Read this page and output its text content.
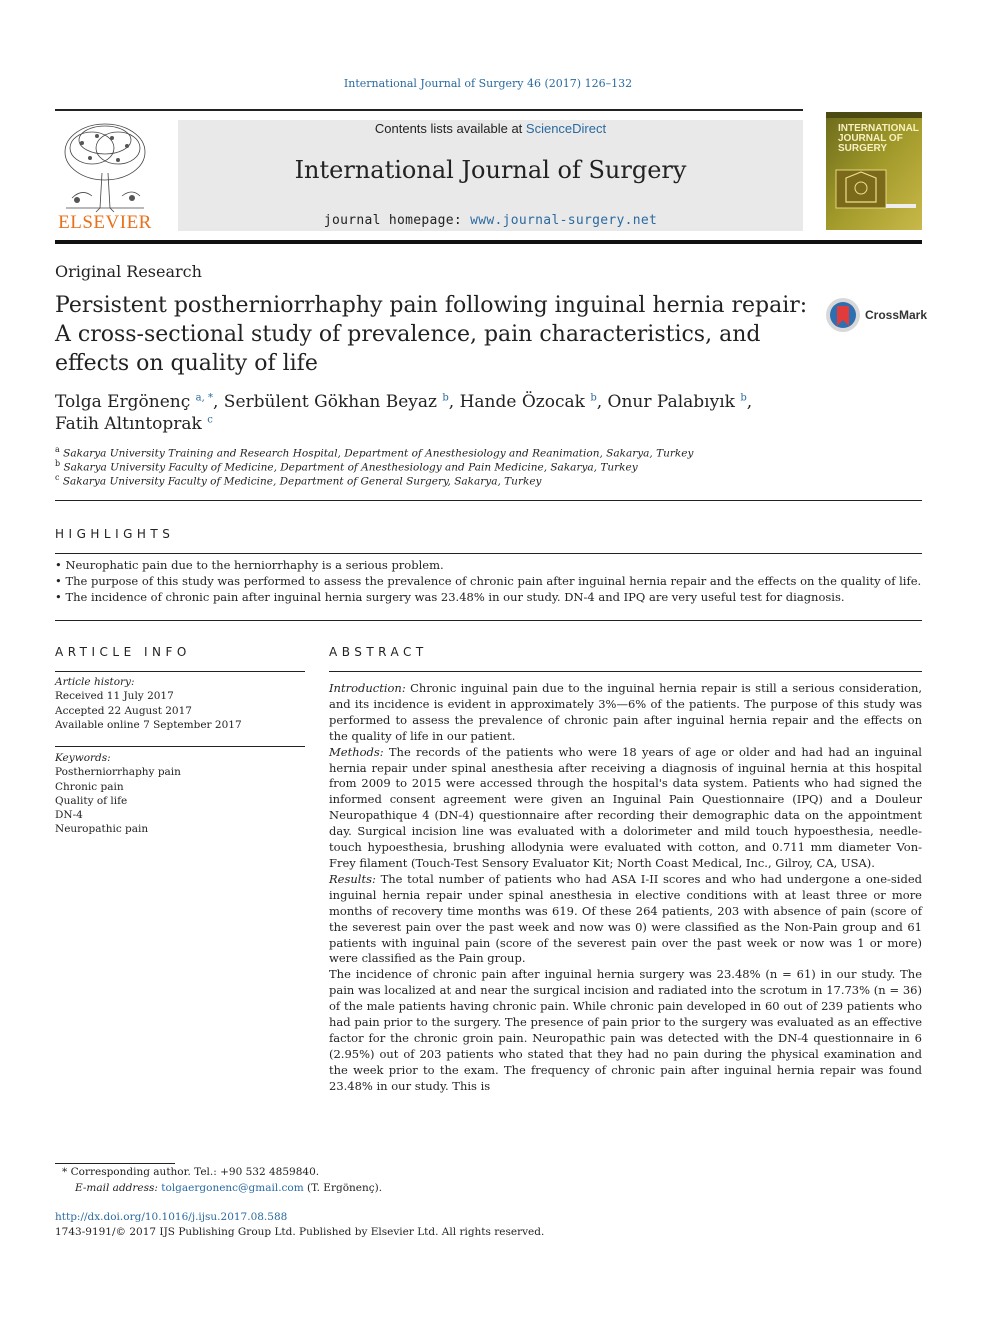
International Journal of Surgery 46 (2017) 126–132
ELSEVIER
Contents lists available at ScienceDirect
International Journal of Surgery
journal homepage: www.journal-surgery.net
INTERNATIONAL JOURNAL OF SURGERY
Original Research
Persistent postherniorrhaphy pain following inguinal hernia repair: A cross-sectional study of prevalence, pain characteristics, and effects on quality of life
CrossMark
Tolga Ergönenç $^{a, *}$, Serbülent Gökhan Beyaz $^b$, Hande Özocak $^b$, Onur Palabıyık $^b$,
Fatih Altıntoprak $^c$
$^a$ Sakarya University Training and Research Hospital, Department of Anesthesiology and Reanimation, Sakarya, Turkey
$^b$ Sakarya University Faculty of Medicine, Department of Anesthesiology and Pain Medicine, Sakarya, Turkey
$^c$ Sakarya University Faculty of Medicine, Department of General Surgery, Sakarya, Turkey
HIGHLIGHTS
• Neurophatic pain due to the herniorrhaphy is a serious problem.
• The purpose of this study was performed to assess the prevalence of chronic pain after inguinal hernia repair and the effects on the quality of life.
• The incidence of chronic pain after inguinal hernia surgery was 23.48% in our study. DN-4 and IPQ are very useful test for diagnosis.
ARTICLE INFO
Article history:
Received 11 July 2017
Accepted 22 August 2017
Available online 7 September 2017
Keywords:
Postherniorrhaphy pain
Chronic pain
Quality of life
DN-4
Neuropathic pain
ABSTRACT

Introduction: Chronic inguinal pain due to the inguinal hernia repair is still a serious consideration, and its incidence is evident in approximately 3%—6% of the patients. The purpose of this study was performed to assess the prevalence of chronic pain after inguinal hernia repair and the effects on the quality of life in our patient.

Methods: The records of the patients who were 18 years of age or older and had had an inguinal hernia repair under spinal anesthesia after receiving a diagnosis of inguinal hernia at this hospital from 2009 to 2015 were accessed through the hospital's data system. Patients who had signed the informed consent agreement were given an Inguinal Pain Questionnaire (IPQ) and a Douleur Neuropathique 4 (DN-4) questionnaire after recording their demographic data on the appointment day. Surgical incision line was evaluated with a dolorimeter and mild touch hypoesthesia, needle-touch hypoesthesia, brushing allodynia were evaluated with cotton, and 0.711 mm diameter Von-Frey filament (Touch-Test Sensory Evaluator Kit; North Coast Medical, Inc., Gilroy, CA, USA).

Results: The total number of patients who had ASA I-II scores and who had undergone a one-sided inguinal hernia repair under spinal anesthesia in elective conditions with at least three or more months of recovery time months was 619. Of these 264 patients, 203 with absence of pain (score of the severest pain over the past week and now was 0) were classified as the Non-Pain group and 61 patients with inguinal pain (score of the severest pain over the past week or now was 1 or more) were classified as the Pain group.

The incidence of chronic pain after inguinal hernia surgery was 23.48% (n = 61) in our study. The pain was localized at and near the surgical incision and radiated into the scrotum in 17.73% (n = 36) of the male patients having chronic pain. While chronic pain developed in 60 out of 239 patients who had pain prior to the surgery. The presence of pain prior to the surgery was evaluated as an effective factor for the chronic groin pain. Neuropathic pain was detected with the DN-4 questionnaire in 6 (2.95%) out of 203 patients who stated that they had no pain during the physical examination and the week prior to the exam. The frequency of chronic pain after inguinal hernia repair was found 23.48% in our study. This is

* Corresponding author. Tel.: +90 532 4859840.
E-mail address: tolgaergonenc@gmail.com (T. Ergönenç).
http://dx.doi.org/10.1016/j.ijsu.2017.08.588
1743-9191/© 2017 IJS Publishing Group Ltd. Published by Elsevier Ltd. All rights reserved.
